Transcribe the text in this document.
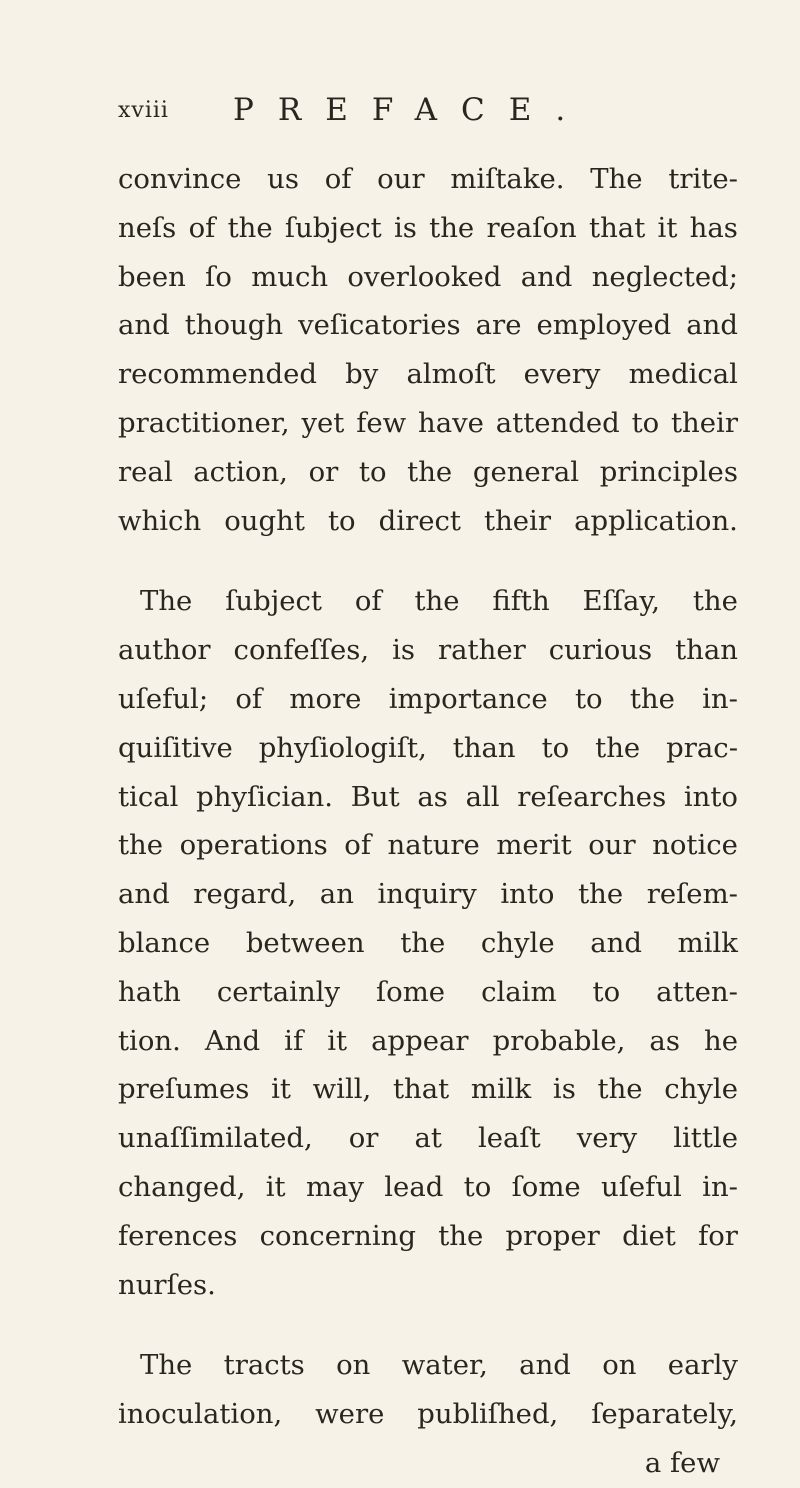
xviii PREFACE.
convince us of our miſtake. The trite-
neſs of the ſubject is the reaſon that it has
been ſo much overlooked and neglected;
and though veſicatories are employed and
recommended by almoſt every medical
practitioner, yet few have attended to their
real action, or to the general principles
which ought to direct their application.
The ſubject of the fifth Eſſay, the
author confeſſes, is rather curious than
uſeful; of more importance to the in-
quiſitive phyſiologiſt, than to the prac-
tical phyſician. But as all reſearches into
the operations of nature merit our notice
and regard, an inquiry into the reſem-
blance between the chyle and milk
hath certainly ſome claim to atten-
tion. And if it appear probable, as he
preſumes it will, that milk is the chyle
unaſſimilated, or at leaſt very little
changed, it may lead to ſome uſeful in-
ferences concerning the proper diet for
nurſes.
The tracts on water, and on early
inoculation, were publiſhed, ſeparately,
a few
